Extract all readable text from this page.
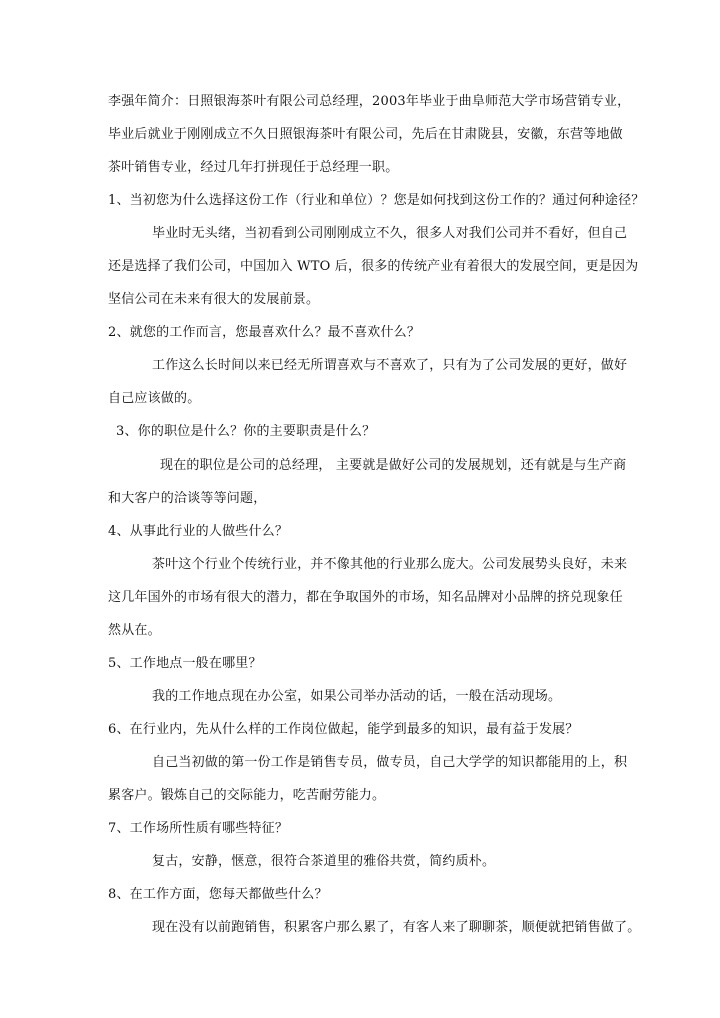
李强年简介：日照银海茶叶有限公司总经理，2003年毕业于曲阜师范大学市场营销专业，
毕业后就业于刚刚成立不久日照银海茶叶有限公司，先后在甘肃陇县，安徽，东营等地做
茶叶销售专业，经过几年打拼现任于总经理一职。
1、当初您为什么选择这份工作（行业和单位）？您是如何找到这份工作的？通过何种途径？
毕业时无头绪，当初看到公司刚刚成立不久，很多人对我们公司并不看好，但自己
还是选择了我们公司，中国加入 WTO 后，很多的传统产业有着很大的发展空间，更是因为
坚信公司在未来有很大的发展前景。
2、就您的工作而言，您最喜欢什么？最不喜欢什么？
工作这么长时间以来已经无所谓喜欢与不喜欢了，只有为了公司发展的更好，做好
自己应该做的。
3、你的职位是什么？你的主要职责是什么？
现在的职位是公司的总经理， 主要就是做好公司的发展规划，还有就是与生产商
和大客户的洽谈等等问题，
4、从事此行业的人做些什么？
茶叶这个行业个传统行业，并不像其他的行业那么庞大。公司发展势头良好，未来
这几年国外的市场有很大的潜力，都在争取国外的市场，知名品牌对小品牌的挤兑现象任
然从在。
5、工作地点一般在哪里？
我的工作地点现在办公室，如果公司举办活动的话，一般在活动现场。
6、在行业内，先从什么样的工作岗位做起，能学到最多的知识，最有益于发展？
自己当初做的第一份工作是销售专员，做专员，自己大学学的知识都能用的上，积
累客户。锻炼自己的交际能力，吃苦耐劳能力。
7、工作场所性质有哪些特征？
复古，安静，惬意，很符合茶道里的雅俗共赏，简约质朴。
8、在工作方面，您每天都做些什么？
现在没有以前跑销售，积累客户那么累了，有客人来了聊聊茶，顺便就把销售做了。
